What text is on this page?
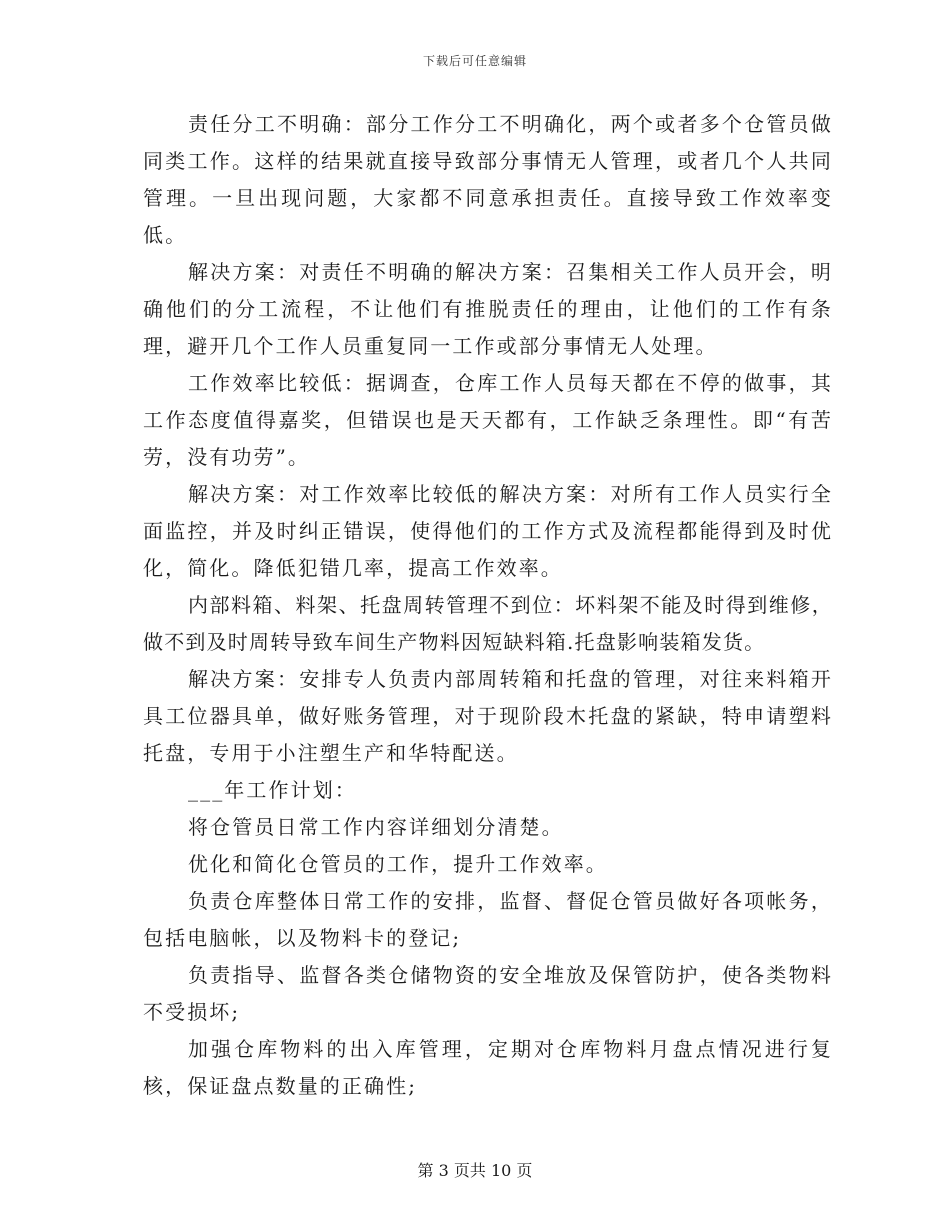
下载后可任意编辑

责任分工不明确：部分工作分工不明确化，两个或者多个仓管员做同类工作。这样的结果就直接导致部分事情无人管理，或者几个人共同管理。一旦出现问题，大家都不同意承担责任。直接导致工作效率变低。

解决方案：对责任不明确的解决方案：召集相关工作人员开会，明确他们的分工流程，不让他们有推脱责任的理由，让他们的工作有条理，避开几个工作人员重复同一工作或部分事情无人处理。

工作效率比较低：据调查，仓库工作人员每天都在不停的做事，其工作态度值得嘉奖，但错误也是天天都有，工作缺乏条理性。即“有苦劳，没有功劳”。

解决方案：对工作效率比较低的解决方案：对所有工作人员实行全面监控，并及时纠正错误，使得他们的工作方式及流程都能得到及时优化，简化。降低犯错几率，提高工作效率。

内部料箱、料架、托盘周转管理不到位：坏料架不能及时得到维修，做不到及时周转导致车间生产物料因短缺料箱.托盘影响装箱发货。

解决方案：安排专人负责内部周转箱和托盘的管理，对往来料箱开具工位器具单，做好账务管理，对于现阶段木托盘的紧缺，特申请塑料托盘，专用于小注塑生产和华特配送。

___年工作计划：

将仓管员日常工作内容详细划分清楚。

优化和简化仓管员的工作，提升工作效率。

负责仓库整体日常工作的安排，监督、督促仓管员做好各项帐务，包括电脑帐，以及物料卡的登记;

负责指导、监督各类仓储物资的安全堆放及保管防护，使各类物料不受损坏;

加强仓库物料的出入库管理，定期对仓库物料月盘点情况进行复核，保证盘点数量的正确性;

第 3 页共 10 页
